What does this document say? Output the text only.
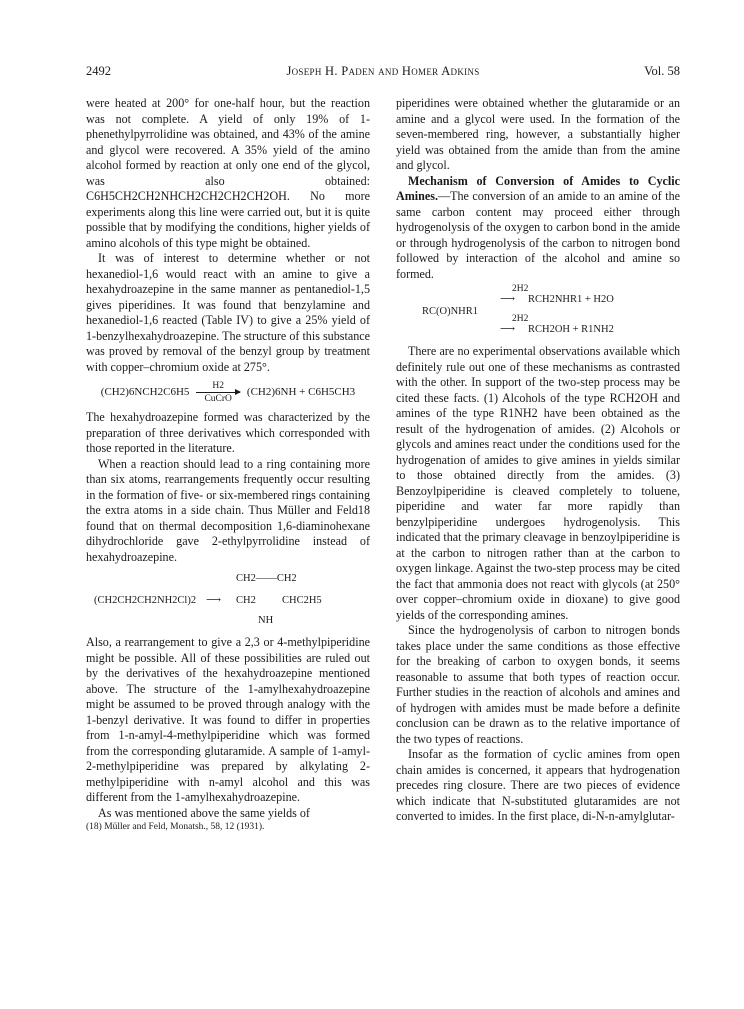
2492	Joseph H. Paden and Homer Adkins	Vol. 58

were heated at 200° for one-half hour, but the reaction was not complete. A yield of only 19% of 1-phenethylpyrrolidine was obtained, and 43% of the amine and glycol were recovered. A 35% yield of the amino alcohol formed by reaction at only one end of the glycol, was also obtained: C6H5CH2CH2NHCH2CH2CH2CH2OH. No more experiments along this line were carried out, but it is quite possible that by modifying the conditions, higher yields of amino alcohols of this type might be obtained.

It was of interest to determine whether or not hexanediol-1,6 would react with an amine to give a hexahydroazepine in the same manner as pentanediol-1,5 gives piperidines. It was found that benzylamine and hexanediol-1,6 reacted (Table IV) to give a 25% yield of 1-benzylhexahydroazepine. The structure of this substance was proved by removal of the benzyl group by treatment with copper–chromium oxide at 275°.

(CH2)6NCH2C6H5
H2
CuCrO
(CH2)6NH + C6H5CH3

The hexahydroazepine formed was characterized by the preparation of three derivatives which corresponded with those reported in the literature.

When a reaction should lead to a ring containing more than six atoms, rearrangements frequently occur resulting in the formation of five- or six-membered rings containing the extra atoms in a side chain. Thus Müller and Feld18 found that on thermal decomposition 1,6-diaminohexane dihydrochloride gave 2-ethylpyrrolidine instead of hexahydroazepine.

(CH2CH2CH2NH2Cl)2 ⟶
CH2——CH2
CH2 CHC2H5
NH

Also, a rearrangement to give a 2,3 or 4-methylpiperidine might be possible. All of these possibilities are ruled out by the derivatives of the hexahydroazepine mentioned above. The structure of the 1-amylhexahydroazepine might be assumed to be proved through analogy with the 1-benzyl derivative. It was found to differ in properties from 1-n-amyl-4-methylpiperidine which was formed from the corresponding glutaramide. A sample of 1-amyl-2-methylpiperidine was prepared by alkylating 2-methylpiperidine with n-amyl alcohol and this was different from the 1-amylhexahydroazepine.

As was mentioned above the same yields of

(18) Müller and Feld, Monatsh., 58, 12 (1931).

piperidines were obtained whether the glutaramide or an amine and a glycol were used. In the formation of the seven-membered ring, however, a substantially higher yield was obtained from the amide than from the amine and glycol.

Mechanism of Conversion of Amides to Cyclic Amines.—The conversion of an amide to an amine of the same carbon content may proceed either through hydrogenolysis of the oxygen to carbon bond in the amide or through hydrogenolysis of the carbon to nitrogen bond followed by interaction of the alcohol and amine so formed.

2H2
⟶ RCH2NHR1 + H2O
RC(O)NHR1
2H2
⟶ RCH2OH + R1NH2

There are no experimental observations available which definitely rule out one of these mechanisms as contrasted with the other. In support of the two-step process may be cited these facts. (1) Alcohols of the type RCH2OH and amines of the type R1NH2 have been obtained as the result of the hydrogenation of amides. (2) Alcohols or glycols and amines react under the conditions used for the hydrogenation of amides to give amines in yields similar to those obtained directly from the amides. (3) Benzoylpiperidine is cleaved completely to toluene, piperidine and water far more rapidly than benzylpiperidine undergoes hydrogenolysis. This indicated that the primary cleavage in benzoylpiperidine is at the carbon to nitrogen rather than at the carbon to oxygen linkage. Against the two-step process may be cited the fact that ammonia does not react with glycols (at 250° over copper–chromium oxide in dioxane) to give good yields of the corresponding amines.

Since the hydrogenolysis of carbon to nitrogen bonds takes place under the same conditions as those effective for the breaking of carbon to oxygen bonds, it seems reasonable to assume that both types of reaction occur. Further studies in the reaction of alcohols and amines and of hydrogen with amides must be made before a definite conclusion can be drawn as to the relative importance of the two types of reactions.

Insofar as the formation of cyclic amines from open chain amides is concerned, it appears that hydrogenation precedes ring closure. There are two pieces of evidence which indicate that N-substituted glutaramides are not converted to imides. In the first place, di-N-n-amylglutar-
